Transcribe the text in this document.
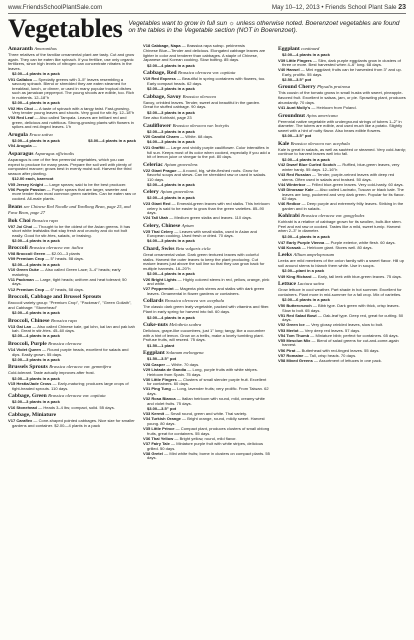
www.FriendsSchoolPlantSale.com	May 10–12, 2013 • Friends School Plant Sale 23
Vegetables Vegetables want to grow in full sun ☼ unless otherwise noted. Boerenzoet vegetables are found on the tables in the Vegetable section (NOT in Boerenzoet).
Amaranth Amaranthus
Three relatives of the familiar ornamental plant are tasty. Cut and grow again. They can be eaten like spinach. If you fertilize, use only organic fertilizers, since high levels of nitrogen can concentrate nitrates in the leaves.
$2.00—4 plants in a pack
V01 Callaloo — Specialty greens with 3–5" leaves resembling a savoury spinach. Blend or shredded they are eaten steamed for breakfast, lunch, or dinner, or used in many popular tropical dishes such as jamaican pepperpot. The young shoots are edible, too. Rich in nutrients. 12–18"h
$2.00—4 plants in a pack
V02 Hin Choi — A taste of spinach with a tangy twist. Fast-growing. Very tender young leaves and shoots. Very good for stir-fry. 12–18"h
V03 Red Leaf — Also called Tampala. Leaves are brilliant red and green, delicious and nutritious. Strong-growing plants with flowers in spikes and red-tinged leaves. 1'h
Arugula Eruca sativa
$2.00—4 plants in a pack	$3.00—4 plants in a pack
V04 Arugula —
Asparagus Asparagus officinalis
Asparagus is one of the few perennial vegetables, which you can expect to produce for many years. Prepare the soil well with plenty of composted manure; grows best in evenly moist soil. Harvest the third season after planting.
$12.00 each, bareroot
V05 Jersey Knight — Large spears; said to be the best producer.
V06 Purple Passion — Purple spears that are larger, sweeter and more tender than most common green varieties. Can be eaten raw or cooked. All-male plants.
Beans see Chinese Red Noodle and Yardlong Bean, page 25, and Fava Bean, page 27
Bok Choi Brassica rapa
V07 Joi Choi — Thought to be the oldest of the Asian greens. It has short white leafstalks that stay fresh and crunchy and do not bolt easily. Good for stir-fries, salads, or braising.
$2.00—4 plants in a pack
Broccoli Brassica oleracea var. italica
V08 Broccoli Green — $2.00—3 plants
V09 Premium Crop — 5" heads. 58 days.
$2.00—4 plants in a pack
V10 Green Duke — Also called Green Lace; 3–4" heads; early maturing.
V11 Packman — Large, tight heads; uniform and heat tolerant; 50 days.
V12 Premium Crop — 6" heads, 58 days.
Broccoli, Cabbage and Brussel Sprouts
Broccoli variety group: "Premium Crop", "Packman", "Green Goliath", and Cabbage: "Stonehead"
$2.00—6 plants in a pack
Broccoli, Chinese Brassica rapa
V13 Gai Lan — Also called Chinese kale, gai lohn, kai lan and pak kah kah. Great in stir-fries. 45–60 days.
$2.00—4 plants in a pack
Broccoli, Purple Brassica oleracea
V14 Violet Queen — Round purple heads, excellent for salads and dips. Easily grown. 55 days.
$2.00—3 plants in a pack
Brussels Sprouts Brassica oleracea var. gemmifera
Cold-tolerant. Taste actually improves after frost.
$2.00—3 plants in a pack
V15 Hestia/Jade Cross — Early-maturing; produces large crops of tight-headed sprouts. 110 days.
Cabbage, Green Brassica oleracea var. capitata
$2.00—3 plants in a pack
V16 Stonehead — Heads 3–4 lbs; compact, solid. 55 days.
Cabbage, Miniature
V17 Caraflex — Cone-shaped pointed cabbages. Nice size for smaller gardens and container. $2.00—4 plants in a pack
V18 Cabbage, Napa — Brassica rapa subsp. pekinensis
Chinese Blue—Tender and delicious. Elongated cabbage leaves are lighter in color and tenderer than cabbages. A staple of Chinese, Japanese and Korean cooking. Slow bolting. 85 days.
$2.00—4 plants in a pack
Cabbage, Red Brassica oleracea var. capitata
V19 Red Express — Beautiful in spring containers with flowers, too. Early compact heads. 62 days.
$2.00—3 plants in a pack
Cabbage, Savoy Brassica oleracea
Savoy, crinkled leaves. Tender, sweet and beautiful in the garden. Great for stuffed cabbage. 90 days.
$2.00—3 plants in a pack
See also Kohlrabi, page 23
Cauliflower Brassica oleracea var. botrytis
$2.00—3 plants in a pack
V20 Candid Charm — White. 68 days.
$4.00—3 plants in a pack
V21 Graffiti — Large and vividly purple cauliflower. Color intensifies in full sun. Keeps most of its color when cooked, especially if you add a bit of lemon juice or vinegar to the pot. 80 days.
Celeriac Apium graveolens
V22 Giant Prague — A round, big, white-fleshed roots. Grow for flavorful soups and stews. Can be shredded raw or used in salads. 110 days.
$2.00—4 plants in a pack
Celery Apium graveolens
$2.00—4 plants in a pack
V23 Giant Red — Emerald-green leaves with red stalks. This heirloom celery is said to be easier to grow than the green varieties. 85–90 days.
V24 Tall Utah — Medium green stalks and leaves. 110 days.
Celery, Chinese Apium
V25 Thai Celery — Leaves with small stalks, used in Asian and European cooking. Used fresh or dried. 70 days.
$4.00—3 plants in a pack
Chard, Swiss Beta vulgaris cicla
Great ornamental value. Dark green textured leaves with colorful stalks. Harvest the outer leaves to keep the plant producing. Cut mature leaves just above the soil line so that they can grow back for multiple harvests. 16–20"h
$2.00—4 plants in a pack
V26 Bright Lights — Highly colored stems in red, yellow, orange, pink and white.
V27 Peppermint — Magenta pink stems and stalks with dark green leaves. Ornamental in flower gardens or containers.
Collards Brassica oleracea var. acephala
The classic dark green leafy vegetable, packed with vitamins and fiber. Plant in early spring for harvest into fall. 60 days.
$2.00—4 plants in a pack
Cuke-nuts Melothria scabra
Delicious, grape-like cucumbers, just 1" long; tangy, like a cucumber with a hint of lemon. Grow on a trellis, make a lovely tumbling plant. Profuse fruits, will reseed. 75 days.
$1.50—1 plant
Eggplant Solanum melongena
$1.50—3.5" pot
V28 Casper — White. 70 days.
V29 Listada de Gandia — Long, purple fruits with white stripes. Heirloom from Spain. 75 days.
V30 Little Fingers — Clusters of small slender purple fruit. Excellent for containers. 60 days.
V31 Ping Tung — Long, lavender fruits; very prolific. From Taiwan. 62 days.
V32 Rosa Bianca — Italian heirloom with round, mild, creamy white and violet fruits. 75 days.
$3.00—3.5" pot
V33 Kermit — Small round, green and white. Thai variety.
V34 Turkish Orange — Bright orange, round, mildly sweet. Harvest young. 80 days.
V35 Little Prince — Compact plant, produces clusters of small oblong fruits, great for containers. 55 days.
V36 Thai Yellow — Bright yellow, round, mild flavor.
V37 Fairy Tale — Miniature purple fruit with white stripes, delicious grilled. 50 days.
V38 Gretel — Mini white fruits; borne in clusters on compact plants. 55 days.
Eggplant continued
$2.00—4 plants in a pack
V39 Little Fingers — Slim, dark purple eggplants grow in clusters of three or more. Best harvested when 4–6" long. 68 days.
V40 Hansel — Mini eggplant; fruits can be harvested from 3" and up. Early, prolific. 55 days.
$2.50—3.5" pot
Ground Cherry Physalis pruinosa
This cousin of the tomato grows in small husks with sweet, pineapple-flavored fruit. Excellent in salsas, jam, or pie. Sprawling plant, produces abundantly. 70 days.
V41 Aunt Molly's — Heirloom from Poland.
Groundnut Apios americana
Perennial native vegetable with underground strings of tubers 1–2" in diameter. The tubers are edible, and used much like a potato. Slightly sweet with a hint of nutty flavor. Also bears edible flowers.
$3.00—3.5" pot
Kale Brassica oleracea var. acephala
Kale is great in salads, as well as sautéed or steamed. Very cold-hardy; continue to harvest leaves well into fall.
$2.00—4 plants in a pack
V42 Dwarf Blue Curled Scotch — Ruffled, blue-green leaves, very winter hardy. 55 days. 12–16"h
V43 Red Russian — Tender, purple-veined leaves with deep red stems. Often used in salads and braised. 50 days.
V44 Winterbor — Frilled blue-green leaves. Very cold-hardy. 60 days.
V45 Dinosaur Kale — Also called Lacinato, Tuscan or black kale. The leaves are long, puckered and very dark green. Popular for its flavor. 62 days.
V46 Redbor — Deep purple and extremely frilly leaves. Striking in the garden and in salads.
Kohlrabi Brassica oleracea var. gongylodes
Kohlrabi is a relative of cabbage grown for its swollen, bulb-like stem. Peel and eat raw or cooked. Tastes like a mild, sweet turnip. Harvest when 2–3" in diameter.
$2.00—4 plants in a pack
V47 Early Purple Vienna — Purple exterior, white flesh. 60 days.
V48 Kossak — Heirloom giant. Stores well. 80 days.
Leeks Allium ampeloprasum
Leeks are mild members of the onion family with a sweet flavor. Hill up soil around stems to blanch them white. Use in soups.
$2.00—plant in a pack
V49 King Richard — Early, tall leek with blue-green leaves. 75 days.
Lettuce Lactuca sativa
Grow lettuce in cool weather. Part shade in hot summer. Excellent for containers. Plant more in mid-summer for a fall crop. Mix of varieties.
$2.00—6 plants in a pack
V50 Buttercrunch — Bibb type. Dark green with thick, crisp leaves. Slow to bolt. 65 days.
V51 Red Salad Bowl — Oak-leaf type. Deep red, great for cutting. 50 days.
V52 Green Ice — Very glossy crinkled leaves, slow to bolt.
V53 Merlot — Very deep red leaves. 57 days.
V54 Tom Thumb — Miniature bibb; perfect for containers. 65 days.
V55 Mesclun Mix — Blend of salad greens for cut-and-come-again harvest.
V56 Pirat — Butterhead with red-tinged leaves. 55 days.
V57 Romaine — Tall, crisp heads. 70 days.
V58 Mixed Greens — Assortment of lettuces in one pack.
